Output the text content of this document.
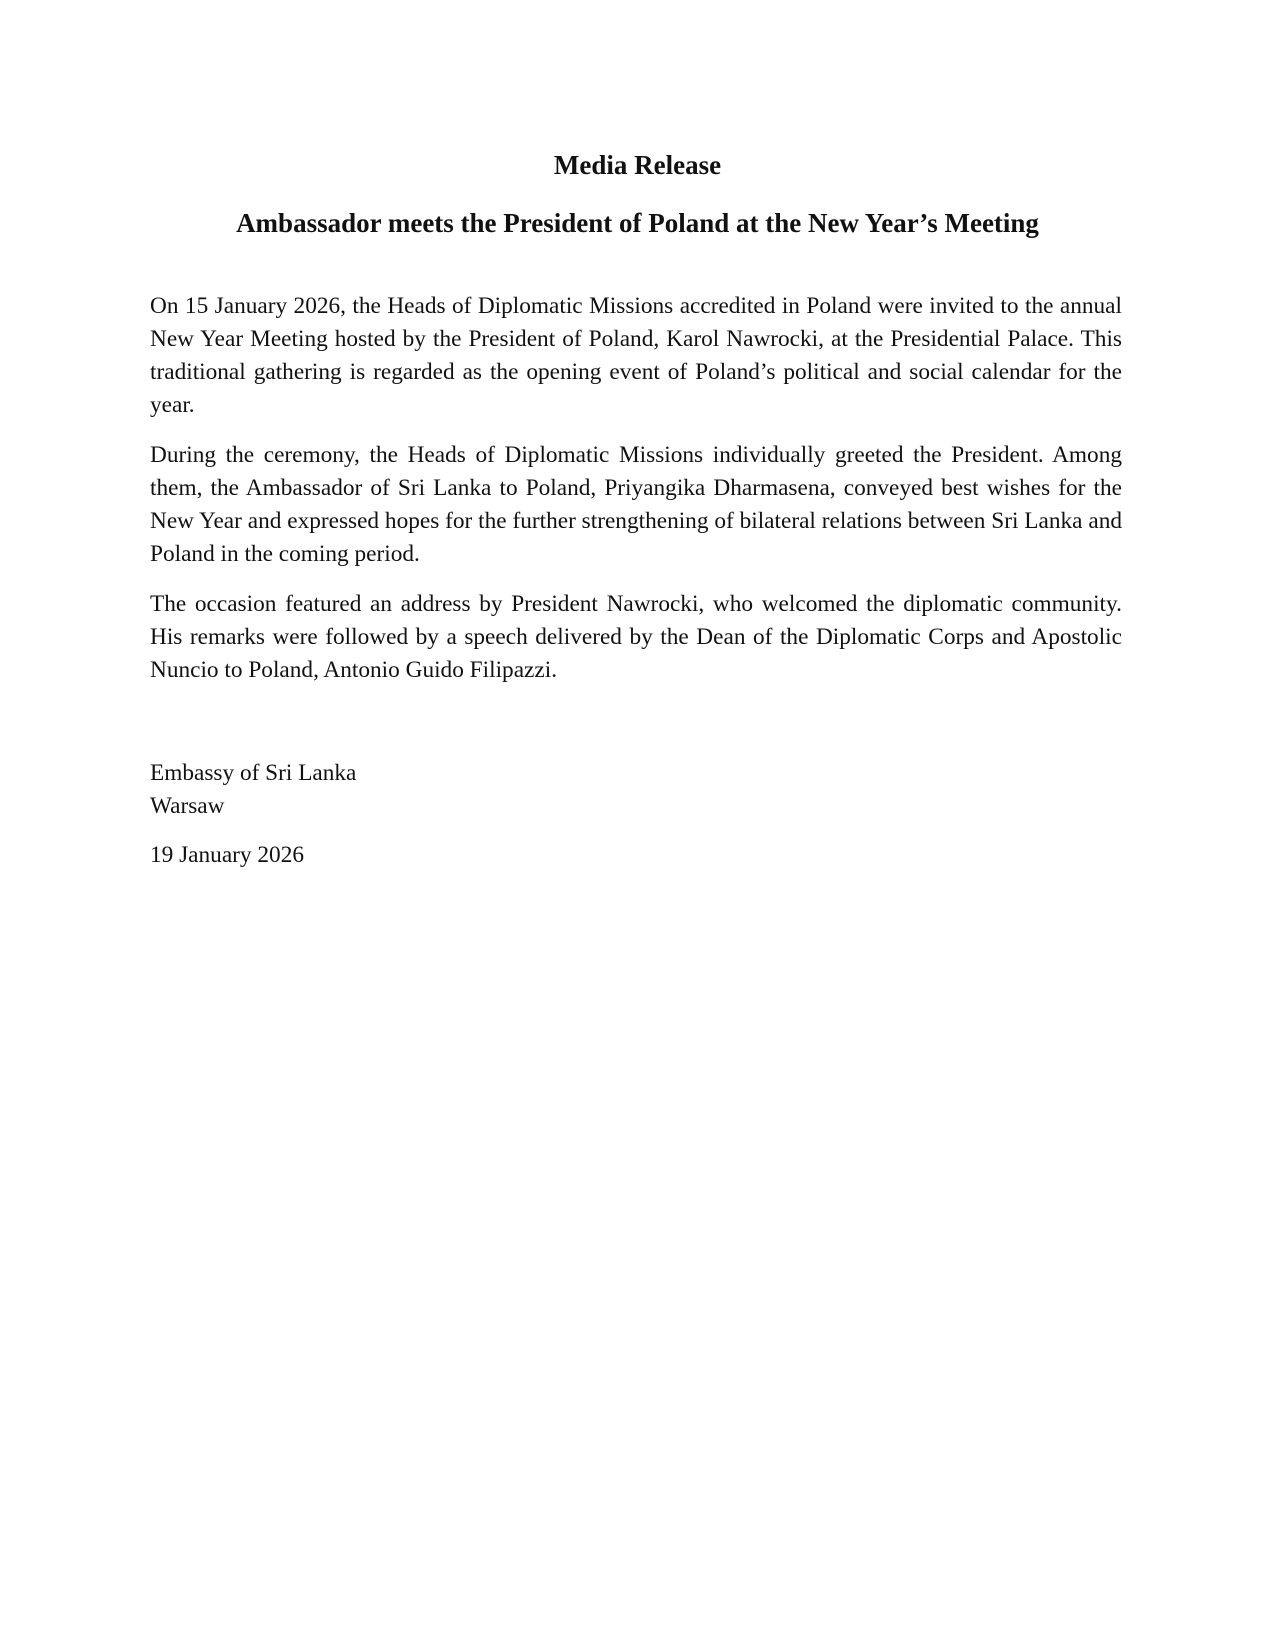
Media Release
Ambassador meets the President of Poland at the New Year’s Meeting

On 15 January 2026, the Heads of Diplomatic Missions accredited in Poland were invited to the annual New Year Meeting hosted by the President of Poland, Karol Nawrocki, at the Presidential Palace. This traditional gathering is regarded as the opening event of Poland’s political and social calendar for the year.

During the ceremony, the Heads of Diplomatic Missions individually greeted the President. Among them, the Ambassador of Sri Lanka to Poland, Priyangika Dharmasena, conveyed best wishes for the New Year and expressed hopes for the further strengthening of bilateral relations between Sri Lanka and Poland in the coming period.

The occasion featured an address by President Nawrocki, who welcomed the diplomatic community. His remarks were followed by a speech delivered by the Dean of the Diplomatic Corps and Apostolic Nuncio to Poland, Antonio Guido Filipazzi.

Embassy of Sri Lanka
Warsaw
19 January 2026
